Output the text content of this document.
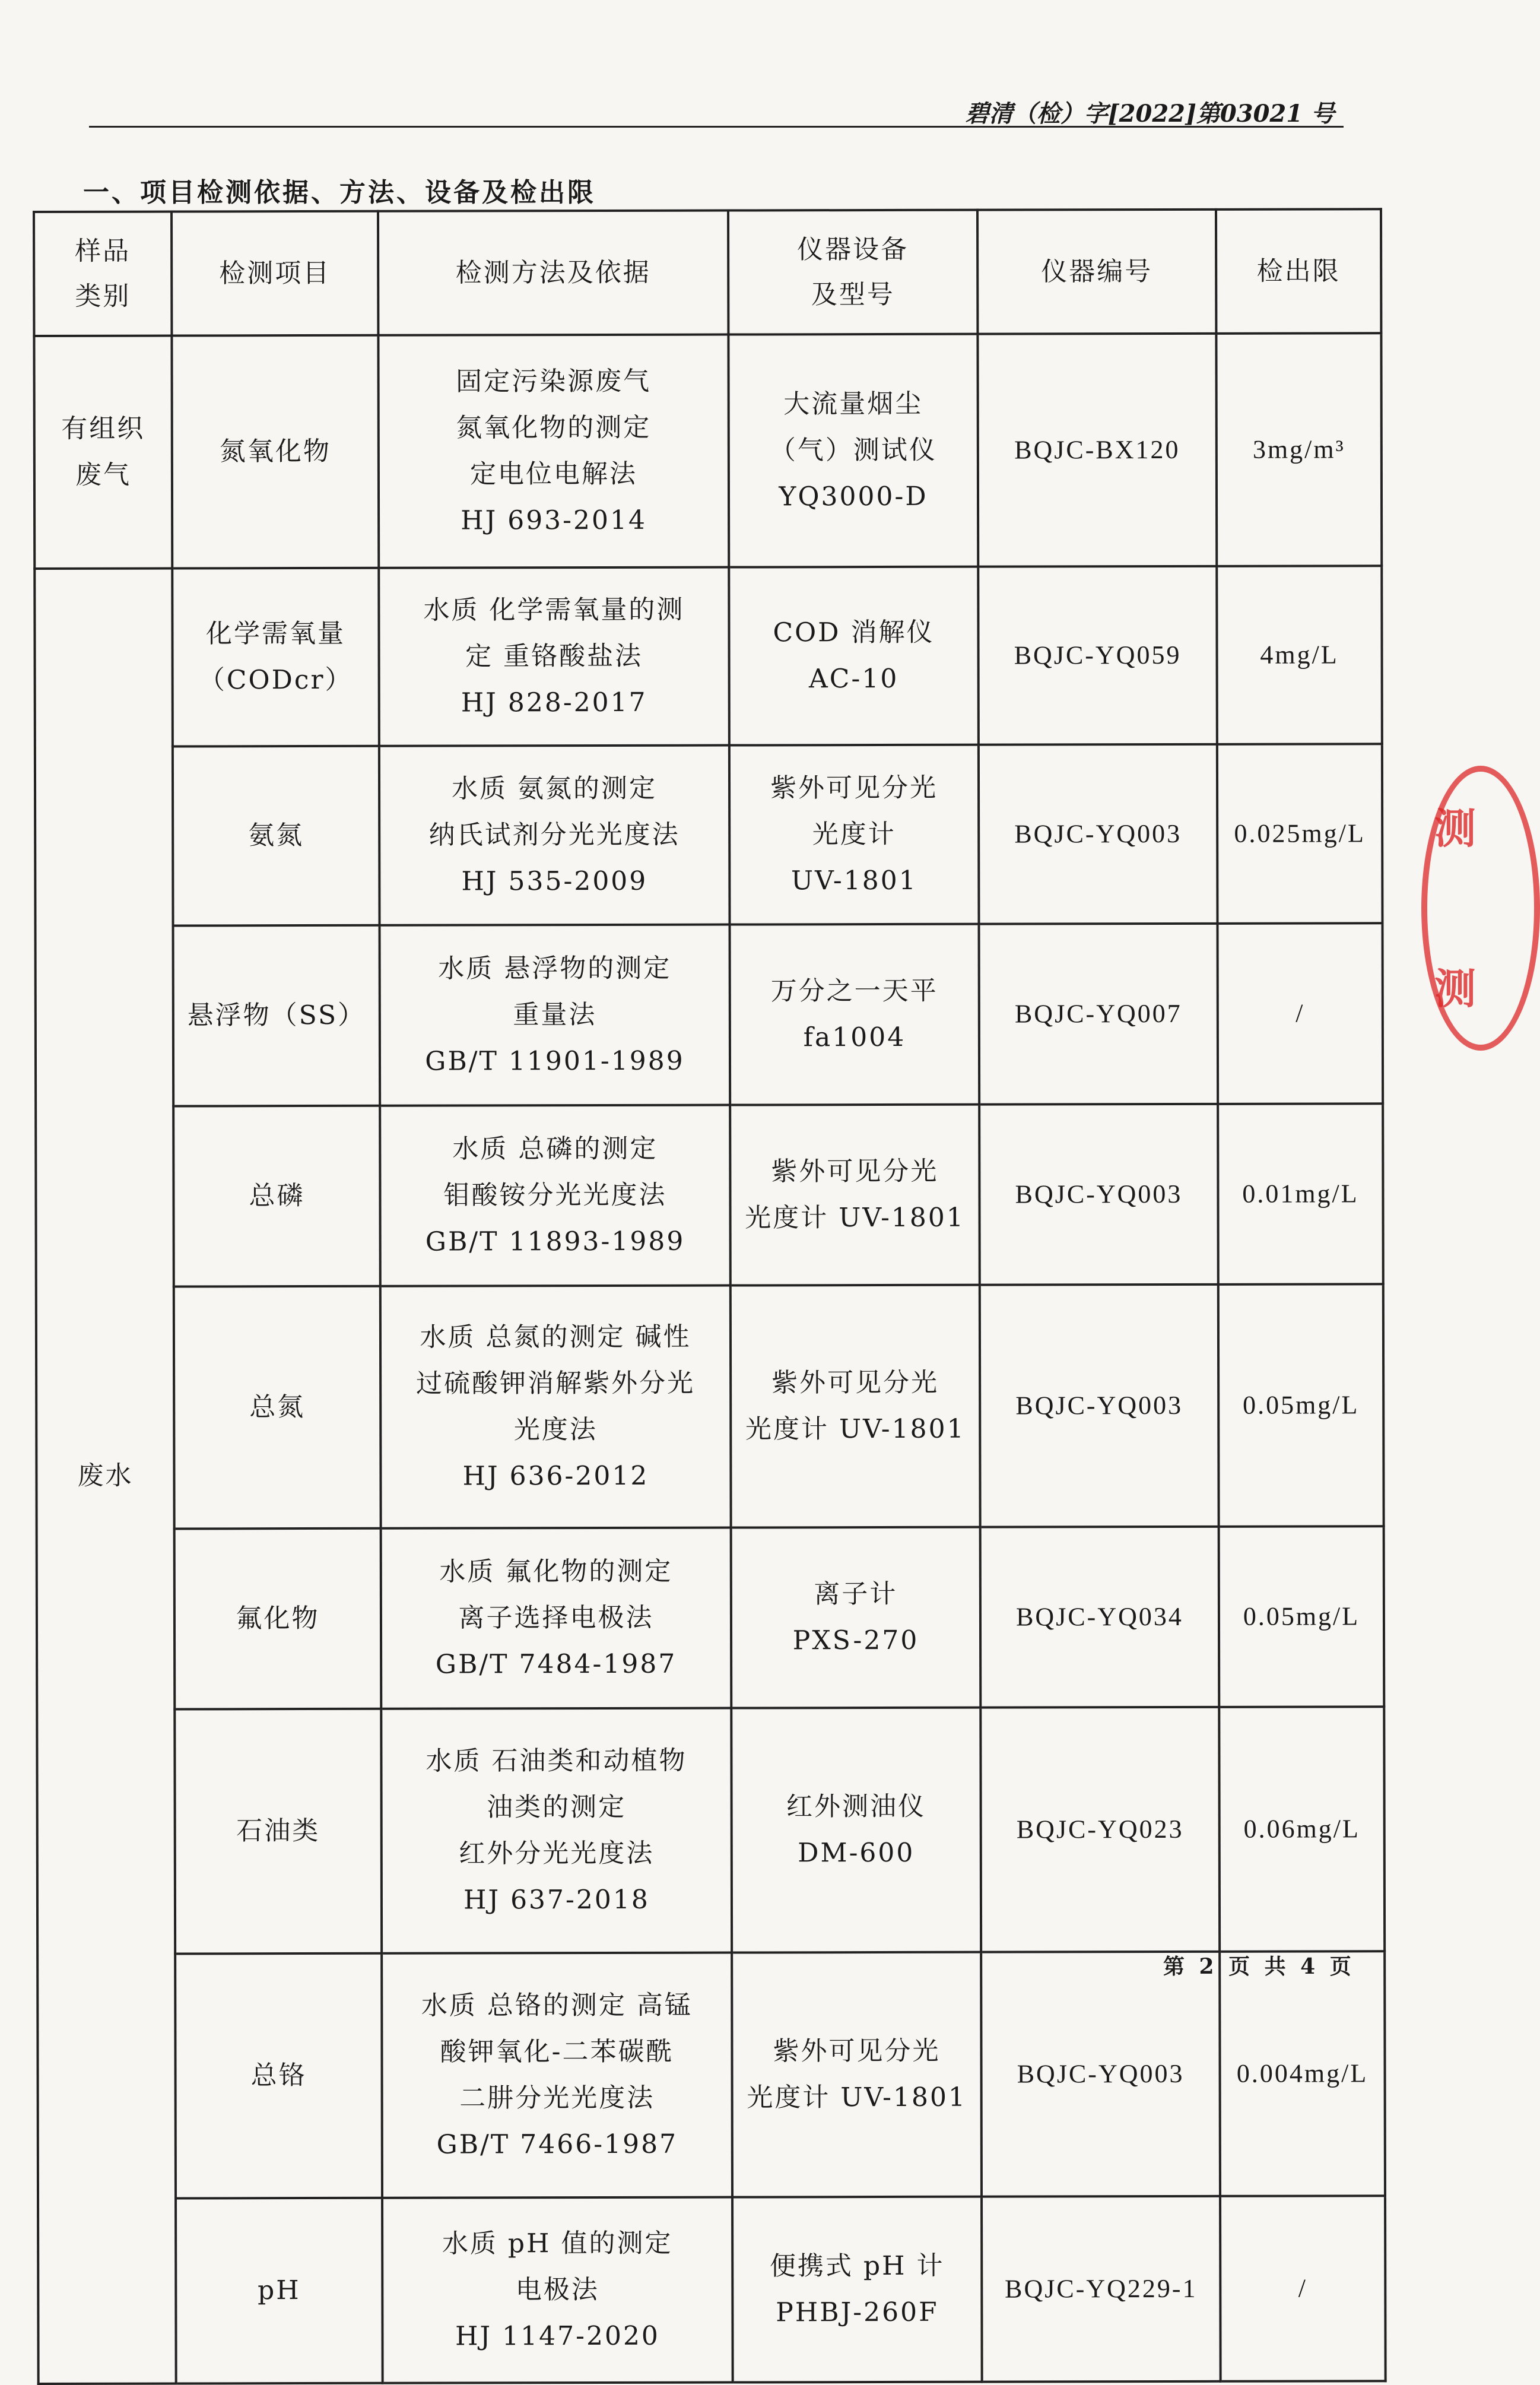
碧清（检）字[2022]第03021 号
一、项目检测依据、方法、设备及检出限
样品
类别	检测项目	检测方法及依据	仪器设备
及型号	仪器编号	检出限

有组织
废气	氮氧化物	固定污染源废气
氮氧化物的测定
定电位电解法
HJ 693-2014	大流量烟尘
（气）测试仪
YQ3000-D	BQJC-BX120	3mg/m³

废水	化学需氧量
（CODcr）	水质 化学需氧量的测
定 重铬酸盐法
HJ 828-2017	COD 消解仪
AC-10	BQJC-YQ059	4mg/L

	氨氮	水质 氨氮的测定
纳氏试剂分光光度法
HJ 535-2009	紫外可见分光
光度计
UV-1801	BQJC-YQ003	0.025mg/L

	悬浮物（SS）	水质 悬浮物的测定
重量法
GB/T 11901-1989	万分之一天平
fa1004	BQJC-YQ007	/

	总磷	水质 总磷的测定
钼酸铵分光光度法
GB/T 11893-1989	紫外可见分光
光度计 UV-1801	BQJC-YQ003	0.01mg/L

	总氮	水质 总氮的测定 碱性
过硫酸钾消解紫外分光
光度法
HJ 636-2012	紫外可见分光
光度计 UV-1801	BQJC-YQ003	0.05mg/L

	氟化物	水质 氟化物的测定
离子选择电极法
GB/T 7484-1987	离子计
PXS-270	BQJC-YQ034	0.05mg/L

	石油类	水质 石油类和动植物
油类的测定
红外分光光度法
HJ 637-2018	红外测油仪
DM-600	BQJC-YQ023	0.06mg/L

	总铬	水质 总铬的测定 高锰
酸钾氧化-二苯碳酰
二肼分光光度法
GB/T 7466-1987	紫外可见分光
光度计 UV-1801	BQJC-YQ003	0.004mg/L

	pH	水质 pH 值的测定
电极法
HJ 1147-2020	便携式 pH 计
PHBJ-260F	BQJC-YQ229-1	/
测
测
第 2 页 共 4 页
